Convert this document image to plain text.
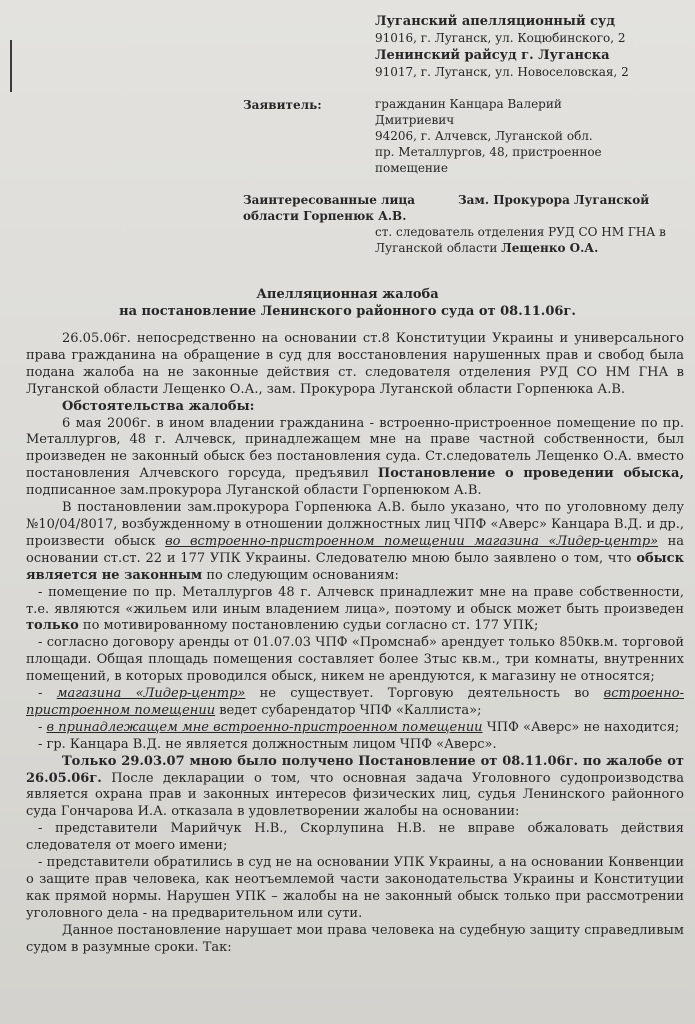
Луганский апелляционный суд
91016, г. Луганск, ул. Коцюбинского, 2
Ленинский райсуд г. Луганска
91017, г. Луганск, ул. Новоселовская, 2
Заявитель:	гражданин Канцара Валерий
Дмитриевич
94206, г. Алчевск, Луганской обл.
пр. Металлургов, 48, пристроенное
помещение
Заинтересованные лица	Зам. Прокурора Луганской
области Горпенюк А.В.
ст. следователь отделения РУД СО НМ ГНА в
Луганской области Лещенко О.А.
Апелляционная жалоба
на постановление Ленинского районного суда от 08.11.06г.

26.05.06г. непосредственно на основании ст.8 Конституции Украины и универсального права гражданина на обращение в суд для восстановления нарушенных прав и свобод была подана жалоба на не законные действия ст. следователя отделения РУД СО НМ ГНА в Луганской области Лещенко О.А., зам. Прокурора Луганской области Горпенюка А.В.

Обстоятельства жалобы:

6 мая 2006г. в ином владении гражданина - встроенно-пристроенное помещение по пр. Металлургов, 48 г. Алчевск, принадлежащем мне на праве частной собственности, был произведен не законный обыск без постановления суда. Ст.следователь Лещенко О.А. вместо постановления Алчевского горсуда, предъявил Постановление о проведении обыска, подписанное зам.прокурора Луганской области Горпенюком А.В.

В постановлении зам.прокурора Горпенюка А.В. было указано, что по уголовному делу №10/04/8017, возбужденному в отношении должностных лиц ЧПФ «Аверс» Канцара В.Д. и др., произвести обыск во встроенно-пристроенном помещении магазина «Лидер-центр» на основании ст.ст. 22 и 177 УПК Украины. Следователю мною было заявлено о том, что обыск является не законным по следующим основаниям:

- помещение по пр. Металлургов 48 г. Алчевск принадлежит мне на праве собственности, т.е. являются «жильем или иным владением лица», поэтому и обыск может быть произведен только по мотивированному постановлению судьи согласно ст. 177 УПК;

- согласно договору аренды от 01.07.03 ЧПФ «Промснаб» арендует только 850кв.м. торговой площади. Общая площадь помещения составляет более 3тыс кв.м., три комнаты, внутренних помещений, в которых проводился обыск, никем не арендуются, к магазину не относятся;

- магазина «Лидер-центр» не существует. Торговую деятельность во встроенно-пристроенном помещении ведет субарендатор ЧПФ «Каллиста»;

- в принадлежащем мне встроенно-пристроенном помещении ЧПФ «Аверс» не находится;

- гр. Канцара В.Д. не является должностным лицом ЧПФ «Аверс».

Только 29.03.07 мною было получено Постановление от 08.11.06г. по жалобе от 26.05.06г. После декларации о том, что основная задача Уголовного судопроизводства является охрана прав и законных интересов физических лиц, судья Ленинского районного суда Гончарова И.А. отказала в удовлетворении жалобы на основании:

- представители Марийчук Н.В., Скорлупина Н.В. не вправе обжаловать действия следователя от моего имени;

- представители обратились в суд не на основании УПК Украины, а на основании Конвенции о защите прав человека, как неотъемлемой части законодательства Украины и Конституции как прямой нормы. Нарушен УПК – жалобы на не законный обыск только при рассмотрении уголовного дела - на предварительном или сути.

Данное постановление нарушает мои права человека на судебную защиту справедливым судом в разумные сроки. Так:
